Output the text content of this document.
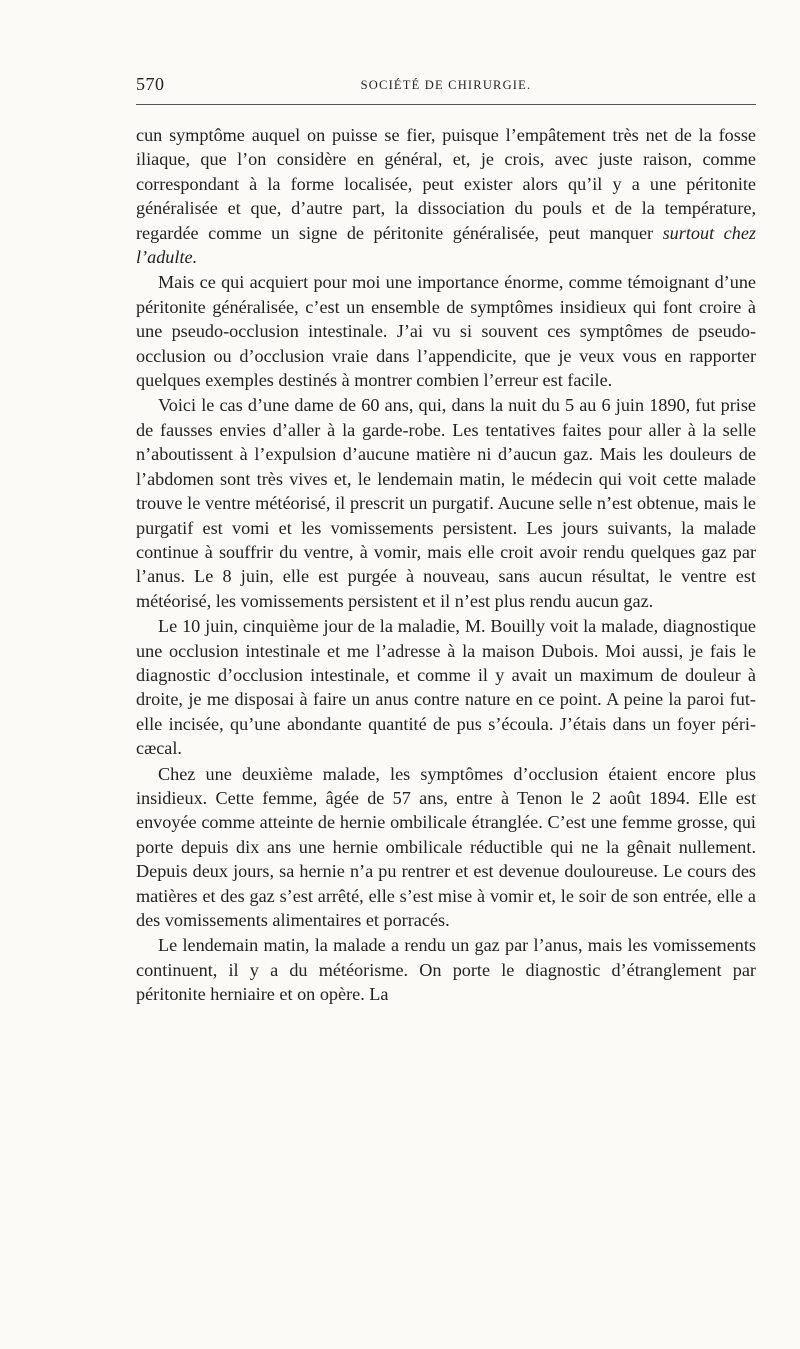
570	SOCIÉTÉ DE CHIRURGIE.

cun symptôme auquel on puisse se fier, puisque l’empâtement très net de la fosse iliaque, que l’on considère en général, et, je crois, avec juste raison, comme correspondant à la forme localisée, peut exister alors qu’il y a une péritonite généralisée et que, d’autre part, la dissociation du pouls et de la température, regardée comme un signe de péritonite généralisée, peut manquer surtout chez l’adulte.

Mais ce qui acquiert pour moi une importance énorme, comme témoignant d’une péritonite généralisée, c’est un ensemble de symptômes insidieux qui font croire à une pseudo-occlusion intestinale. J’ai vu si souvent ces symptômes de pseudo-occlusion ou d’occlusion vraie dans l’appendicite, que je veux vous en rapporter quelques exemples destinés à montrer combien l’erreur est facile.

Voici le cas d’une dame de 60 ans, qui, dans la nuit du 5 au 6 juin 1890, fut prise de fausses envies d’aller à la garde-robe. Les tentatives faites pour aller à la selle n’aboutissent à l’expulsion d’aucune matière ni d’aucun gaz. Mais les douleurs de l’abdomen sont très vives et, le lendemain matin, le médecin qui voit cette malade trouve le ventre météorisé, il prescrit un purgatif. Aucune selle n’est obtenue, mais le purgatif est vomi et les vomissements persistent. Les jours suivants, la malade continue à souffrir du ventre, à vomir, mais elle croit avoir rendu quelques gaz par l’anus. Le 8 juin, elle est purgée à nouveau, sans aucun résultat, le ventre est météorisé, les vomissements persistent et il n’est plus rendu aucun gaz.

Le 10 juin, cinquième jour de la maladie, M. Bouilly voit la malade, diagnostique une occlusion intestinale et me l’adresse à la maison Dubois. Moi aussi, je fais le diagnostic d’occlusion intestinale, et comme il y avait un maximum de douleur à droite, je me disposai à faire un anus contre nature en ce point. A peine la paroi fut-elle incisée, qu’une abondante quantité de pus s’écoula. J’étais dans un foyer péri-cæcal.

Chez une deuxième malade, les symptômes d’occlusion étaient encore plus insidieux. Cette femme, âgée de 57 ans, entre à Tenon le 2 août 1894. Elle est envoyée comme atteinte de hernie ombilicale étranglée. C’est une femme grosse, qui porte depuis dix ans une hernie ombilicale réductible qui ne la gênait nullement. Depuis deux jours, sa hernie n’a pu rentrer et est devenue douloureuse. Le cours des matières et des gaz s’est arrêté, elle s’est mise à vomir et, le soir de son entrée, elle a des vomissements alimentaires et porracés.

Le lendemain matin, la malade a rendu un gaz par l’anus, mais les vomissements continuent, il y a du météorisme. On porte le diagnostic d’étranglement par péritonite herniaire et on opère. La
